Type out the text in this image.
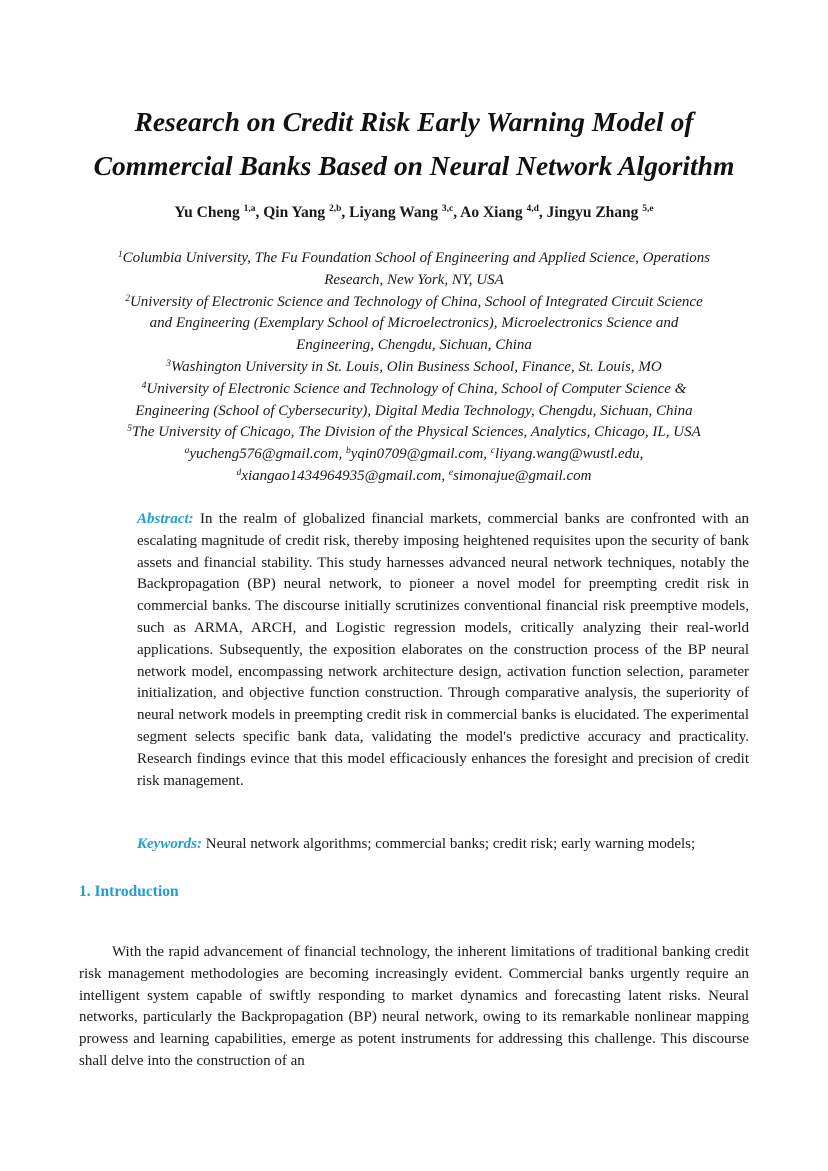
Research on Credit Risk Early Warning Model of
Commercial Banks Based on Neural Network Algorithm
Yu Cheng $^{1,a}$, Qin Yang $^{2,b}$, Liyang Wang $^{3,c}$, Ao Xiang $^{4,d}$, Jingyu Zhang $^{5,e}$
$^1$Columbia University, The Fu Foundation School of Engineering and Applied Science, Operations
Research, New York, NY, USA
$^2$University of Electronic Science and Technology of China, School of Integrated Circuit Science
and Engineering (Exemplary School of Microelectronics), Microelectronics Science and
Engineering, Chengdu, Sichuan, China
$^3$Washington University in St. Louis, Olin Business School, Finance, St. Louis, MO
$^4$University of Electronic Science and Technology of China, School of Computer Science &
Engineering (School of Cybersecurity), Digital Media Technology, Chengdu, Sichuan, China
$^5$The University of Chicago, The Division of the Physical Sciences, Analytics, Chicago, IL, USA
$^a$yucheng576@gmail.com, $^b$yqin0709@gmail.com, $^c$liyang.wang@wustl.edu,
$^d$xiangao1434964935@gmail.com, $^e$simonajue@gmail.com

Abstract: In the realm of globalized financial markets, commercial banks are confronted with an escalating magnitude of credit risk, thereby imposing heightened requisites upon the security of bank assets and financial stability. This study harnesses advanced neural network techniques, notably the Backpropagation (BP) neural network, to pioneer a novel model for preempting credit risk in commercial banks. The discourse initially scrutinizes conventional financial risk preemptive models, such as ARMA, ARCH, and Logistic regression models, critically analyzing their real-world applications. Subsequently, the exposition elaborates on the construction process of the BP neural network model, encompassing network architecture design, activation function selection, parameter initialization, and objective function construction. Through comparative analysis, the superiority of neural network models in preempting credit risk in commercial banks is elucidated. The experimental segment selects specific bank data, validating the model's predictive accuracy and practicality. Research findings evince that this model efficaciously enhances the foresight and precision of credit risk management.

Keywords: Neural network algorithms; commercial banks; credit risk; early warning models;
1. Introduction

With the rapid advancement of financial technology, the inherent limitations of traditional banking credit risk management methodologies are becoming increasingly evident. Commercial banks urgently require an intelligent system capable of swiftly responding to market dynamics and forecasting latent risks. Neural networks, particularly the Backpropagation (BP) neural network, owing to its remarkable nonlinear mapping prowess and learning capabilities, emerge as potent instruments for addressing this challenge. This discourse shall delve into the construction of an
